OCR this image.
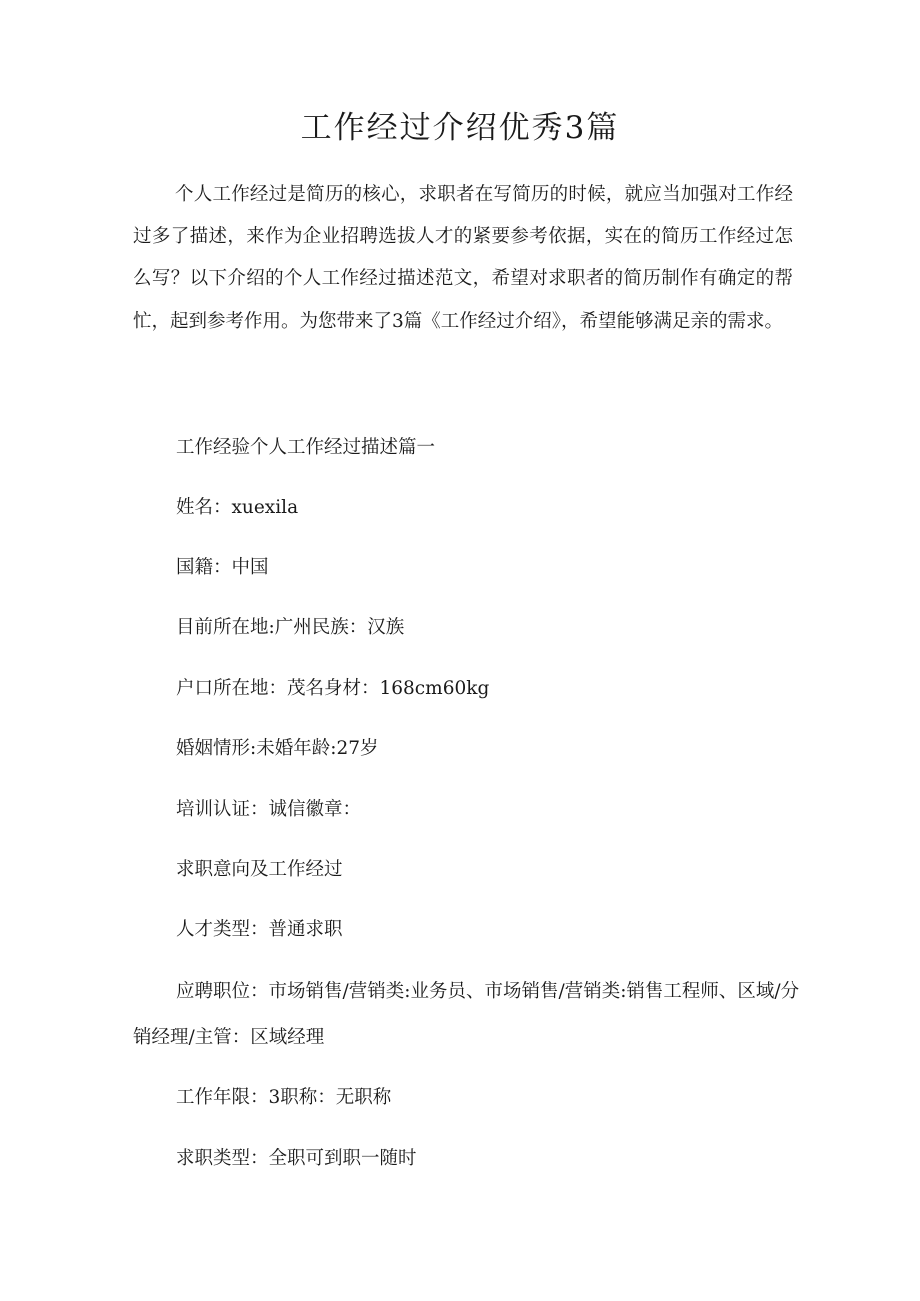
工作经过介绍优秀3篇

个人工作经过是简历的核心，求职者在写简历的时候，就应当加强对工作经过多了描述，来作为企业招聘选拔人才的紧要参考依据，实在的简历工作经过怎么写？以下介绍的个人工作经过描述范文，希望对求职者的简历制作有确定的帮忙，起到参考作用。为您带来了3篇《工作经过介绍》，希望能够满足亲的需求。

工作经验个人工作经过描述篇一

姓名：xuexila

国籍：中国

目前所在地:广州民族：汉族

户口所在地：茂名身材：168cm60kg

婚姻情形:未婚年龄:27岁

培训认证：诚信徽章：

求职意向及工作经过

人才类型：普通求职

应聘职位：市场销售/营销类:业务员、市场销售/营销类:销售工程师、区域/分销经理/主管：区域经理

工作年限：3职称：无职称

求职类型：全职可到职一随时
